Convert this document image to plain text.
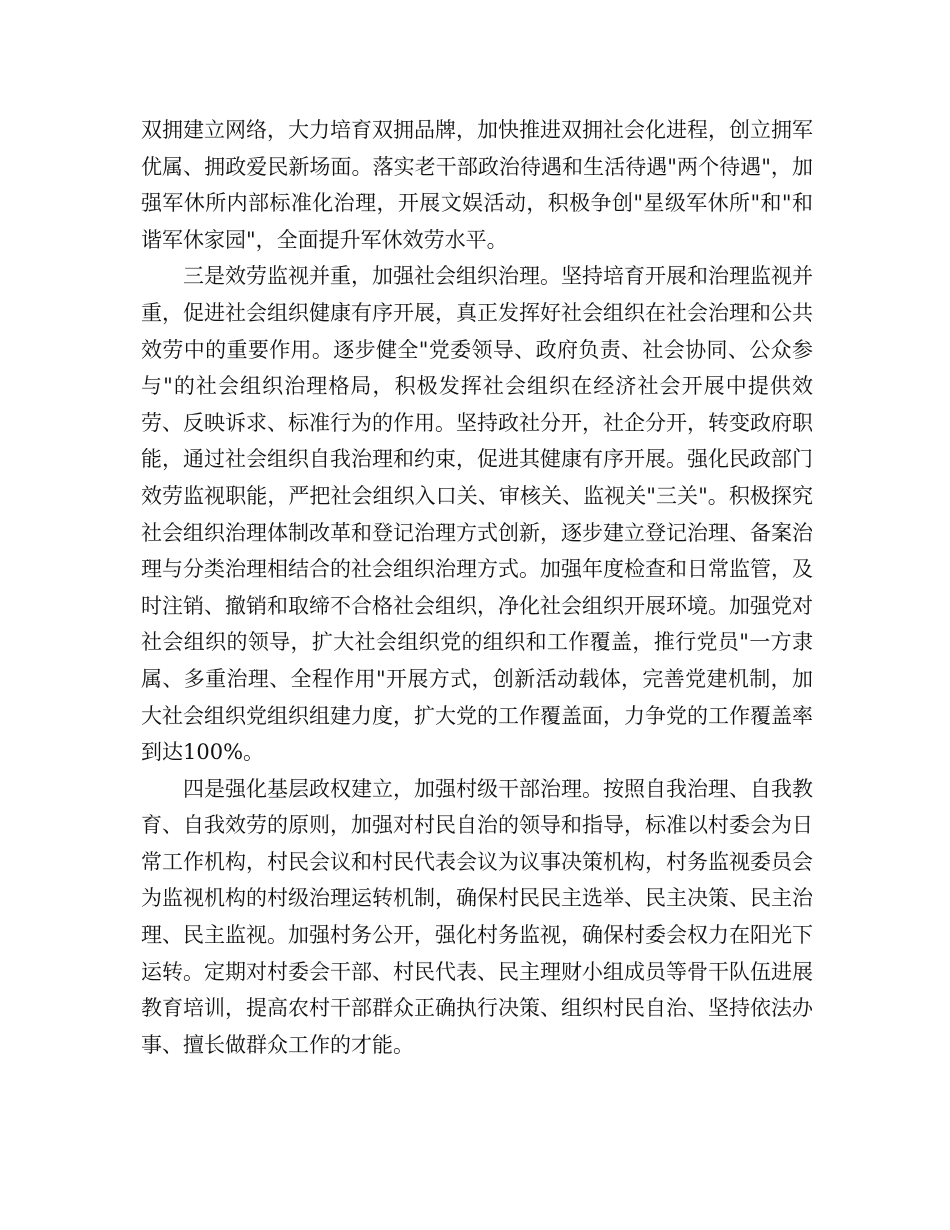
双拥建立网络，大力培育双拥品牌，加快推进双拥社会化进程，创立拥军优属、拥政爱民新场面。落实老干部政治待遇和生活待遇"两个待遇"，加强军休所内部标准化治理，开展文娱活动，积极争创"星级军休所"和"和谐军休家园"，全面提升军休效劳水平。

三是效劳监视并重，加强社会组织治理。坚持培育开展和治理监视并重，促进社会组织健康有序开展，真正发挥好社会组织在社会治理和公共效劳中的重要作用。逐步健全"党委领导、政府负责、社会协同、公众参与"的社会组织治理格局，积极发挥社会组织在经济社会开展中提供效劳、反映诉求、标准行为的作用。坚持政社分开，社企分开，转变政府职能，通过社会组织自我治理和约束，促进其健康有序开展。强化民政部门效劳监视职能，严把社会组织入口关、审核关、监视关"三关"。积极探究社会组织治理体制改革和登记治理方式创新，逐步建立登记治理、备案治理与分类治理相结合的社会组织治理方式。加强年度检查和日常监管，及时注销、撤销和取缔不合格社会组织，净化社会组织开展环境。加强党对社会组织的领导，扩大社会组织党的组织和工作覆盖，推行党员"一方隶属、多重治理、全程作用"开展方式，创新活动载体，完善党建机制，加大社会组织党组织组建力度，扩大党的工作覆盖面，力争党的工作覆盖率到达100%。

四是强化基层政权建立，加强村级干部治理。按照自我治理、自我教育、自我效劳的原则，加强对村民自治的领导和指导，标准以村委会为日常工作机构，村民会议和村民代表会议为议事决策机构，村务监视委员会为监视机构的村级治理运转机制，确保村民民主选举、民主决策、民主治理、民主监视。加强村务公开，强化村务监视，确保村委会权力在阳光下运转。定期对村委会干部、村民代表、民主理财小组成员等骨干队伍进展教育培训，提高农村干部群众正确执行决策、组织村民自治、坚持依法办事、擅长做群众工作的才能。
